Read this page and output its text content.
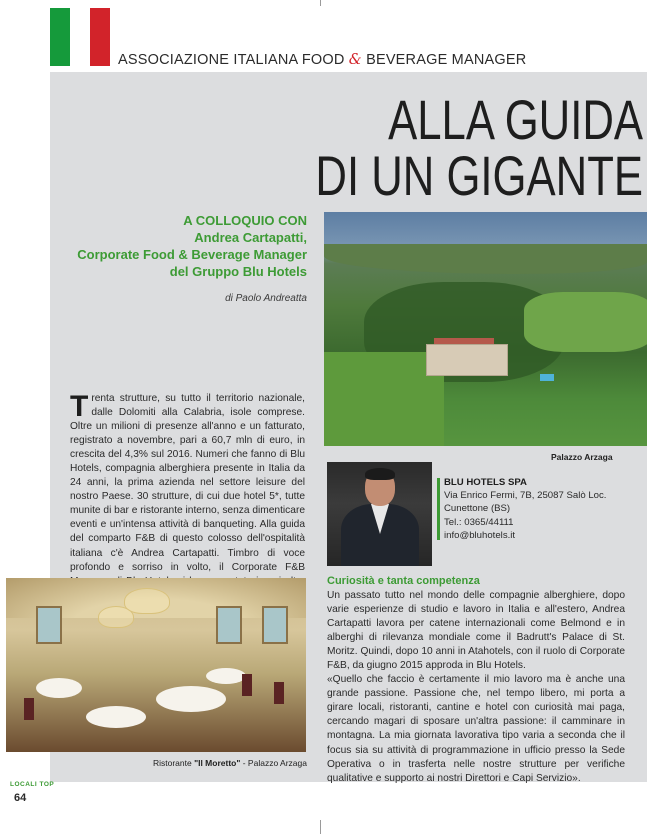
ASSOCIAZIONE ITALIANA FOOD & BEVERAGE MANAGER
ALLA GUIDA
DI UN GIGANTE
A COLLOQUIO CON
Andrea Cartapatti,
Corporate Food & Beverage Manager
del Gruppo Blu Hotels
di Paolo Andreatta
Palazzo Arzaga
Trenta strutture, su tutto il territorio nazionale, dalle Dolomiti alla Calabria, isole comprese. Oltre un milioni di presenze all'anno e un fatturato, registrato a novembre, pari a 60,7 mln di euro, in crescita del 4,3% sul 2016. Numeri che fanno di Blu Hotels, compagnia alberghiera presente in Italia da 24 anni, la prima azienda nel settore leisure del nostro Paese. 30 strutture, di cui due hotel 5*, tutte munite di bar e ristorante interno, senza dimenticare eventi e un'intensa attività di banqueting. Alla guida del comparto F&B di questo colosso dell'ospitalità italiana c'è Andrea Cartapatti. Timbro di voce profondo e sorriso in volto, il Corporate F&B
BLU HOTELS SPA
Via Enrico Fermi, 7B, 25087 Salò Loc.
Cunettone (BS)
Tel.: 0365/44111
info@bluhotels.it
Ristorante "Il Moretto" - Palazzo Arzaga
Curiosità e tanta competenza

Un passato tutto nel mondo delle compagnie alberghiere, dopo varie esperienze di studio e lavoro in Italia e all'estero, Andrea Cartapatti lavora per catene internazionali come Belmond e in alberghi di rilevanza mondiale come il Badrutt's Palace di St. Moritz. Quindi, dopo 10 anni in Atahotels, con il ruolo di Corporate F&B, da giugno 2015 approda in Blu Hotels.

«Quello che faccio è certamente il mio lavoro ma è anche una grande passione. Passione che, nel tempo libero, mi porta a girare locali, ristoranti, cantine e hotel con curiosità mai paga, cercando magari di sposare un'altra passione: il camminare in montagna. La mia giornata lavorativa tipo varia a seconda che il focus sia su attività di programmazione in ufficio presso la Sede Operativa o in trasferta nelle nostre strutture per verifiche qualitative e supporto ai nostri Direttori e Capi Servizio».

LOCALI TOP
64
